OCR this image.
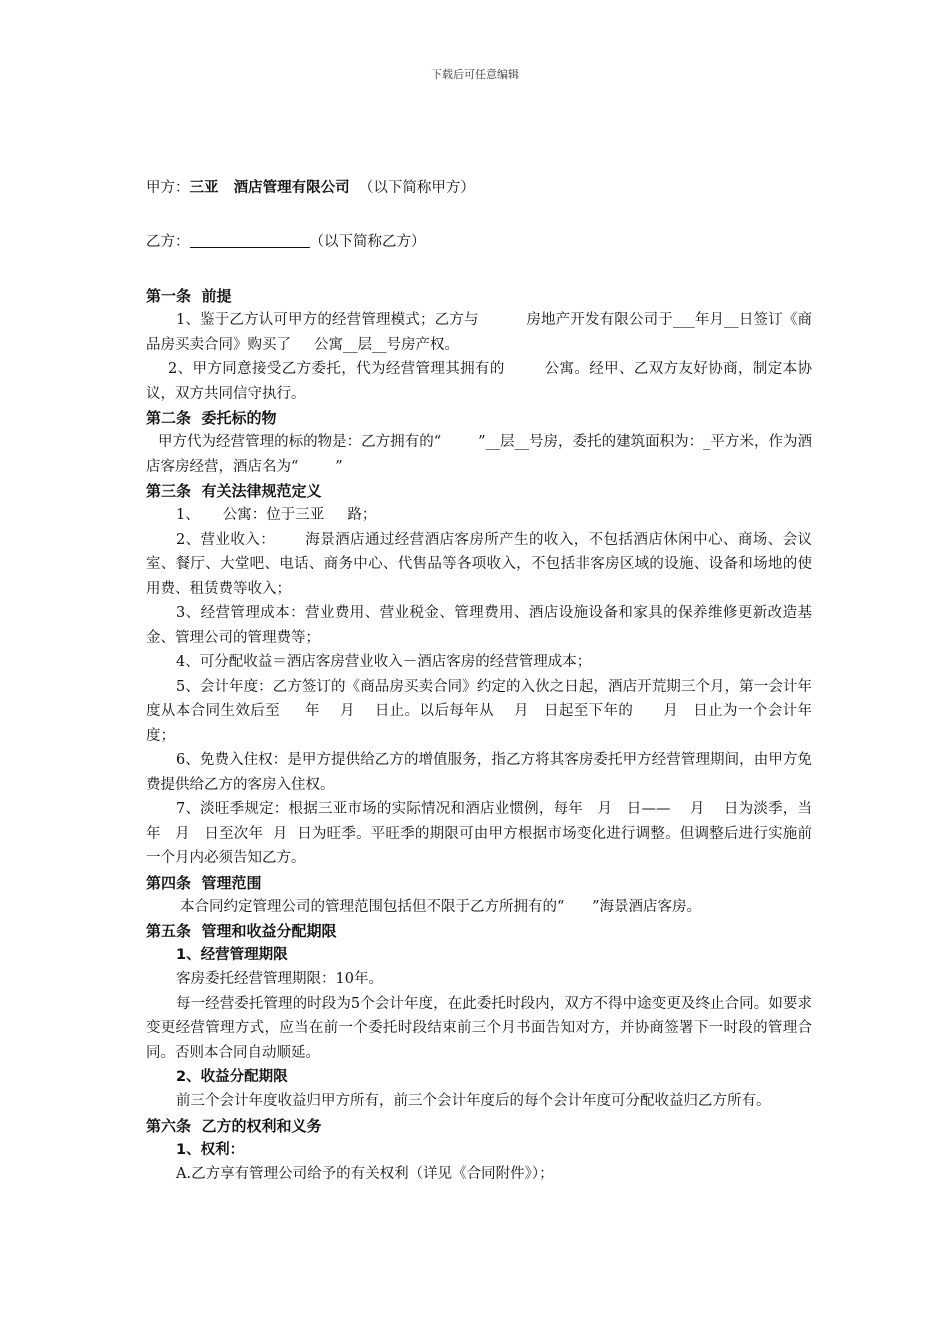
下载后可任意编辑
甲方：三亚   酒店管理有限公司  （以下简称甲方）
乙方：	（以下简称乙方）
第一条  前提
1、鉴于乙方认可甲方的经营管理模式；乙方与          房地产开发有限公司于___年月__日签订《商品房买卖合同》购买了     公寓__层__号房产权。
2、甲方同意接受乙方委托，代为经营管理其拥有的        公寓。经甲、乙双方友好协商，制定本协议，双方共同信守执行。
第二条  委托标的物
甲方代为经营管理的标的物是：乙方拥有的“        ”__层__号房，委托的建筑面积为：_平方米，作为酒店客房经营，酒店名为“        ”
第三条  有关法律规范定义
1、     公寓：位于三亚     路；
2、营业收入：      海景酒店通过经营酒店客房所产生的收入，不包括酒店休闲中心、商场、会议室、餐厅、大堂吧、电话、商务中心、代售品等各项收入，不包括非客房区域的设施、设备和场地的使用费、租赁费等收入；
3、经营管理成本：营业费用、营业税金、管理费用、酒店设施设备和家具的保养维修更新改造基金、管理公司的管理费等；
4、可分配收益＝酒店客房营业收入－酒店客房的经营管理成本；
5、会计年度：乙方签订的《商品房买卖合同》约定的入伙之日起，酒店开荒期三个月，第一会计年度从本合同生效后至     年    月    日止。以后每年从    月   日起至下年的      月   日止为一个会计年度；
6、免费入住权：是甲方提供给乙方的增值服务，指乙方将其客房委托甲方经营管理期间，由甲方免费提供给乙方的客房入住权。
7、淡旺季规定：根据三亚市场的实际情况和酒店业惯例，每年   月   日——    月    日为淡季，当年   月   日至次年  月  日为旺季。平旺季的期限可由甲方根据市场变化进行调整。但调整后进行实施前一个月内必须告知乙方。
第四条  管理范围
本合同约定管理公司的管理范围包括但不限于乙方所拥有的“      ”海景酒店客房。
第五条  管理和收益分配期限
1、经营管理期限
客房委托经营管理期限：10年。
每一经营委托管理的时段为5个会计年度，在此委托时段内，双方不得中途变更及终止合同。如要求变更经营管理方式，应当在前一个委托时段结束前三个月书面告知对方，并协商签署下一时段的管理合同。否则本合同自动顺延。
2、收益分配期限
前三个会计年度收益归甲方所有，前三个会计年度后的每个会计年度可分配收益归乙方所有。
第六条  乙方的权利和义务
1、权利：
A.乙方享有管理公司给予的有关权利（详见《合同附件》）；
